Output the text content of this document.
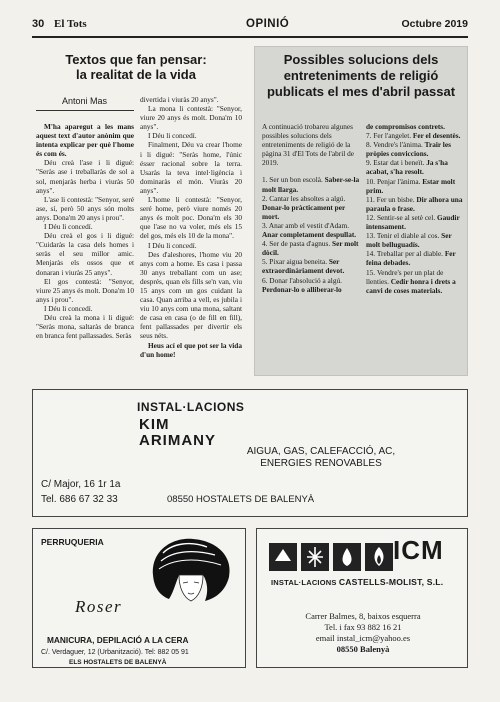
30 El Tots	OPINIÓ	Octubre 2019
Textos que fan pensar:
la realitat de la vida
Antoni Mas

M'ha aparegut a les mans aquest text d'autor anònim que intenta explicar per què l'home és com és.

Déu creà l'ase i li digué: "Seràs ase i treballaràs de sol a sol, menjaràs herba i viuràs 50 anys".

L'ase li contestà: "Senyor, seré ase, sí, però 50 anys són molts anys. Dona'm 20 anys i prou".

I Déu li concedí.

Déu creà el gos i li digué: "Cuidaràs la casa dels homes i seràs el seu millor amic. Menjaràs els ossos que et donaran i viuràs 25 anys".

El gos contestà: "Senyor, viure 25 anys és molt. Dona'm 10 anys i prou".

I Déu li concedí.

Déu creà la mona i li digué: "Seràs mona, saltaràs de branca en branca fent pallassades. Seràs

divertida i viuràs 20 anys".

La mona li contestà: "Senyor, viure 20 anys és molt. Dona'm 10 anys".

I Déu li concedí.

Finalment, Déu va crear l'home i li digué: "Seràs home, l'únic ésser racional sobre la terra. Usaràs la teva intel·ligència i dominaràs el món. Viuràs 20 anys".

L'home li contestà: "Senyor, seré home, però viure només 20 anys és molt poc. Dona'm els 30 que l'ase no va voler, més els 15 del gos, més els 10 de la mona".

I Déu li concedí.

Des d'aleshores, l'home viu 20 anys com a home. Es casa i passa 30 anys treballant com un ase; després, quan els fills se'n van, viu 15 anys com un gos cuidant la casa. Quan arriba a vell, es jubila i viu 10 anys com una mona, saltant de casa en casa (o de fill en fill), fent pallassades per divertir els seus néts.

Heus ací el que pot ser la vida d'un home!

Possibles solucions dels
entreteniments de religió
publicats el mes d'abril passat

A continuació trobareu algunes possibles solucions dels entreteniments de religió de la pàgina 31 d'El Tots de l'abril de 2019.

1. Ser un bon escolà. Saber-se-la molt llarga.

2. Cantar les absoltes a algú. Donar-lo pràcticament per mort.

3. Anar amb el vestit d'Adam. Anar completament despullat.

4. Ser de pasta d'agnus. Ser molt dòcil.

5. Pixar aigua beneita. Ser extraordinàriament devot.

6. Donar l'absolució a algú. Perdonar-lo o alliberar-lo

de compromisos contrets.

7. Fer l'angelet. Fer el desentès.

8. Vendre's l'ànima. Trair les pròpies conviccions.

9. Estar dat i beneït. Ja s'ha acabat, s'ha resolt.

10. Penjar l'ànima. Estar molt prim.

11. Fer un bisbe. Dir alhora una paraula o frase.

12. Sentir-se al setè cel. Gaudir intensament.

13. Tenir el diable al cos. Ser molt belluguadís.

14. Treballar per al diable. Fer feina debades.

15. Vendre's per un plat de llenties. Cedir honra i drets a canvi de coses materials.

INSTAL·LACIONS
KIM
ARIMANY
AIGUA, GAS, CALEFACCIÓ, AC,
ENERGIES RENOVABLES
C/ Major, 16 1r 1a
Tel. 686 67 32 33	08550 HOSTALETS DE BALENYÀ
PERRUQUERIA
Roser
MANICURA, DEPILACIÓ A LA CERA
C/. Verdaguer, 12 (Urbanització). Tel: 882 05 91
ELS HOSTALETS DE BALENYÀ
ICM
INSTAL·LACIONS CASTELLS-MOLIST, S.L.
Carrer Balmes, 8, baixos esquerra
Tel. i fax 93 882 16 21
email instal_icm@yahoo.es
08550 Balenyà
